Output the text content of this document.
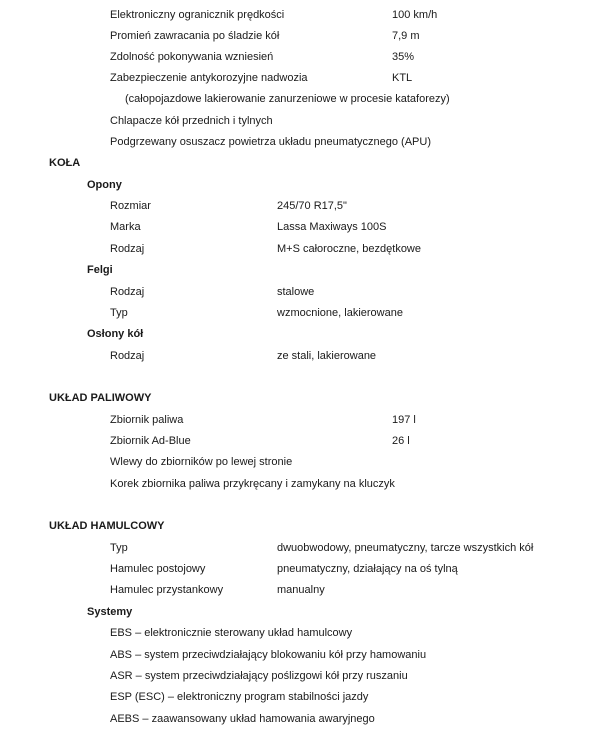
Elektroniczny ogranicznik prędkości	100 km/h
Promień zawracania po śladzie kół	7,9 m
Zdolność pokonywania wzniesień	35%
Zabezpieczenie antykorozyjne nadwozia	KTL
(całopojazdowe lakierowanie zanurzeniowe w procesie kataforezy)
Chlapacze kół przednich i tylnych
Podgrzewany osuszacz powietrza układu pneumatycznego (APU)
KOŁA
Opony
Rozmiar	245/70 R17,5"
Marka	Lassa Maxiways 100S
Rodzaj	M+S całoroczne, bezdętkowe
Felgi
Rodzaj	stalowe
Typ	wzmocnione, lakierowane
Osłony kół
Rodzaj	ze stali, lakierowane
UKŁAD PALIWOWY
Zbiornik paliwa	197 l
Zbiornik Ad-Blue	26 l
Wlewy do zbiorników po lewej stronie
Korek zbiornika paliwa przykręcany i zamykany na kluczyk
UKŁAD HAMULCOWY
Typ	dwuobwodowy, pneumatyczny, tarcze wszystkich kół
Hamulec postojowy	pneumatyczny, działający na oś tylną
Hamulec przystankowy	manualny
Systemy
EBS – elektronicznie sterowany układ hamulcowy
ABS – system przeciwdziałający blokowaniu kół przy hamowaniu
ASR – system przeciwdziałający poślizgowi kół przy ruszaniu
ESP (ESC) – elektroniczny program stabilności jazdy
AEBS – zaawansowany układ hamowania awaryjnego
